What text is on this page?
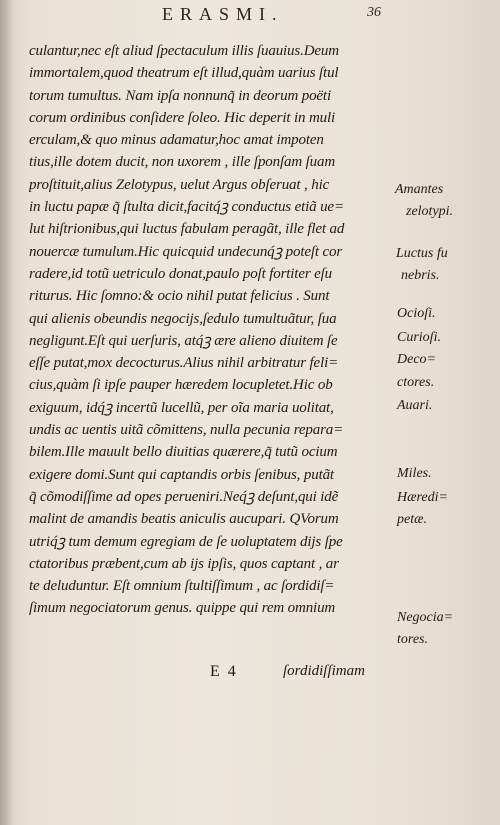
ERASMI.	36
culantur,nec eſt aliud ſpectaculum illis ſuauius.Deum
immortalem,quod theatrum eſt illud,quàm uarius ſtul
torum tumultus. Nam ipſa nonnunq̃ in deorum poëti
corum ordinibus conſidere ſoleo. Hic deperit in muli
erculam,& quo minus adamatur,hoc amat impoten
tius,ille dotem ducit, non uxorem , ille ſponſam ſuam
proſtituit,alius Zelotypus, uelut Argus obſeruat , hic
in luctu papæ q̃ ſtulta dicit,facitq́ꝫ conductus etiã ue=
lut hiſtrionibus,qui luctus fabulam peragãt, ille flet ad
nouercæ tumulum.Hic quicquid undecunq́ꝫ poteſt cor
radere,id totũ uetriculo donat,paulo poſt fortiter eſu
riturus. Hic ſomno:& ocio nihil putat felicius . Sunt
qui alienis obeundis negocijs,ſedulo tumultuãtur, ſua
negligunt.Eſt qui uerſuris, atq́ꝫ ære alieno diuitem ſe
eſſe putat,mox decocturus.Alius nihil arbitratur feli=
cius,quàm ſi ipſe pauper hæredem locupletet.Hic ob
exiguum, idq́ꝫ incertũ lucellũ, per oĩa maria uolitat,
undis ac uentis uitã cõmittens, nulla pecunia repara=
bilem.Ille mauult bello diuitias quærere,q̃ tutũ ocium
exigere domi.Sunt qui captandis orbis ſenibus, putãt
q̃ cõmodiſſime ad opes perueniri.Neq́ꝫ deſunt,qui idẽ
malint de amandis beatis aniculis aucupari. QVorum
utriq́ꝫ tum demum egregiam de ſe uoluptatem dijs ſpe
ctatoribus præbent,cum ab ijs ipſis, quos captant , ar
te deluduntur. Eſt omnium ſtultiſſimum , ac ſordidiſ=
ſimum negociatorum genus. quippe qui rem omnium
Amantes
zelotypi.
Luctus fu
nebris.
Ocioſi.
Curioſi.
Deco=
ctores.
Auari.
Miles.
Hæredi=
petæ.
Negocia=
tores.
E 4	ſordidiſſimam
